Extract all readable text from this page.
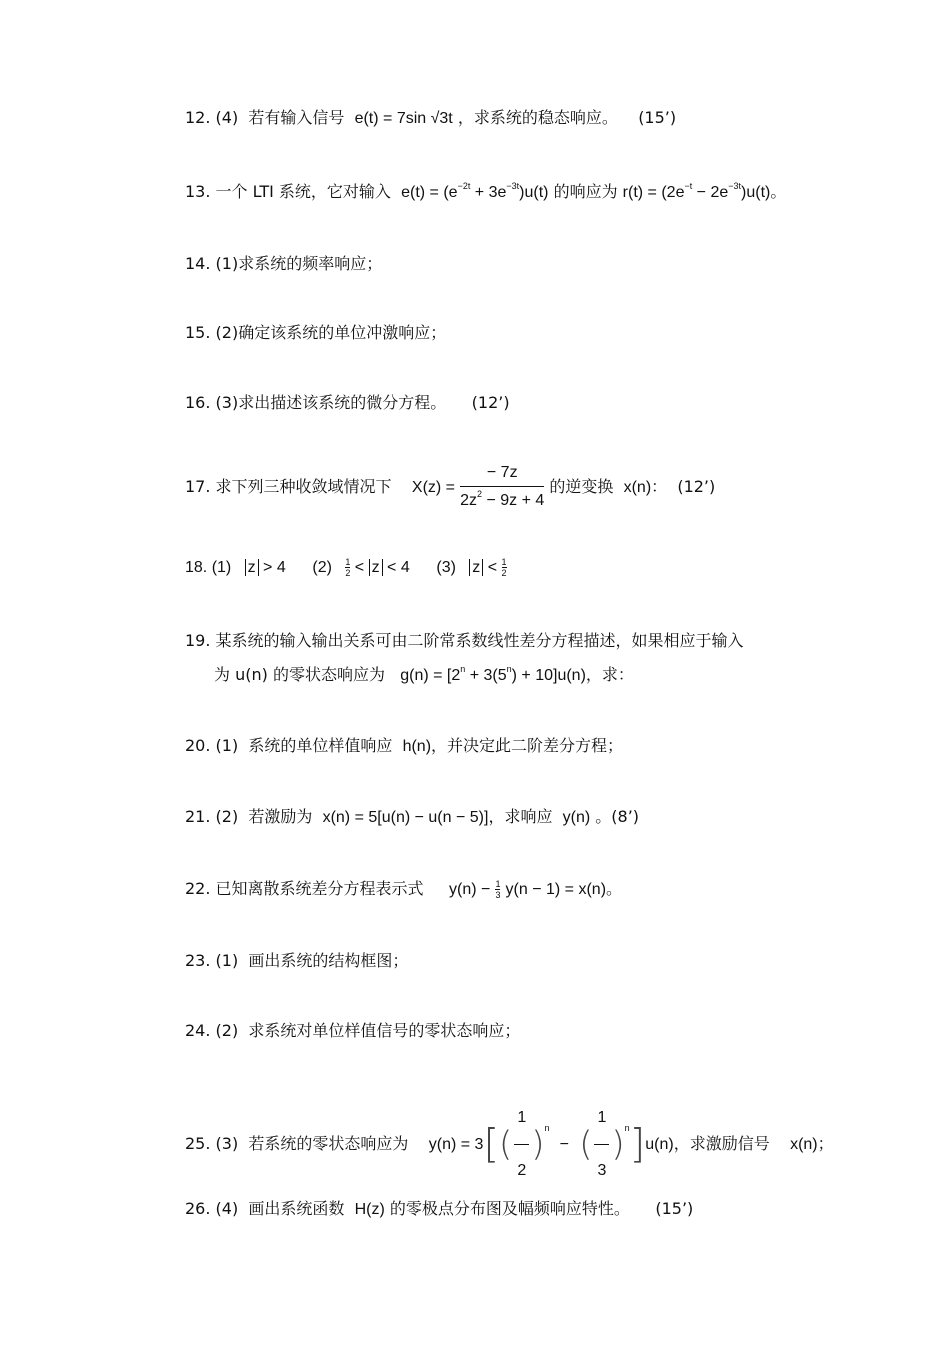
12. (4) 若有输入信号 e(t) = 7sin √3t ，求系统的稳态响应。 (15’)
13. 一个 LTI 系统，它对输入 $e(t) = (e^{-2t} + 3e^{-3t})u(t)$ 的响应为 $r(t) = (2e^{-t} - 2e^{-3t})u(t)$。
14. (1)求系统的频率响应；
15. (2)确定该系统的单位冲激响应；
16. (3)求出描述该系统的微分方程。 (12’)
17. 求下列三种收敛域情况下 $X(z) = \frac{- 7z}{2z^2 - 9z + 4}$ 的逆变换 x(n)： (12’)
18. (1) z > 4 $(2) \frac{1}{2} < z < 4$ (3) $z < \frac{1}{2}$
19. 某系统的输入输出关系可由二阶常系数线性差分方程描述，如果相应于输入
为 u(n) 的零状态响应为 $g(n) = [2^n + 3(5^n) + 10]u(n)$，求：
20. (1) 系统的单位样值响应 h(n)，并决定此二阶差分方程；
21. (2) 若激励为 x(n) = 5[u(n) − u(n − 5)]，求响应 y(n) 。(8’)
22. 已知离散系统差分方程表示式 $y(n) - \frac{1}{3} y(n - 1) = x(n)$。
23. (1) 画出系统的结构框图；
24. (2) 求系统对单位样值信号的零状态响应；
25. (3) 若系统的零状态响应为 $y(n) = 3[( \frac{1}{2} )^n$  − ( $\frac{1}{3} )^n]u(n)$，求激励信号 x(n)；
26. (4) 画出系统函数 H(z) 的零极点分布图及幅频响应特性。 (15’)
